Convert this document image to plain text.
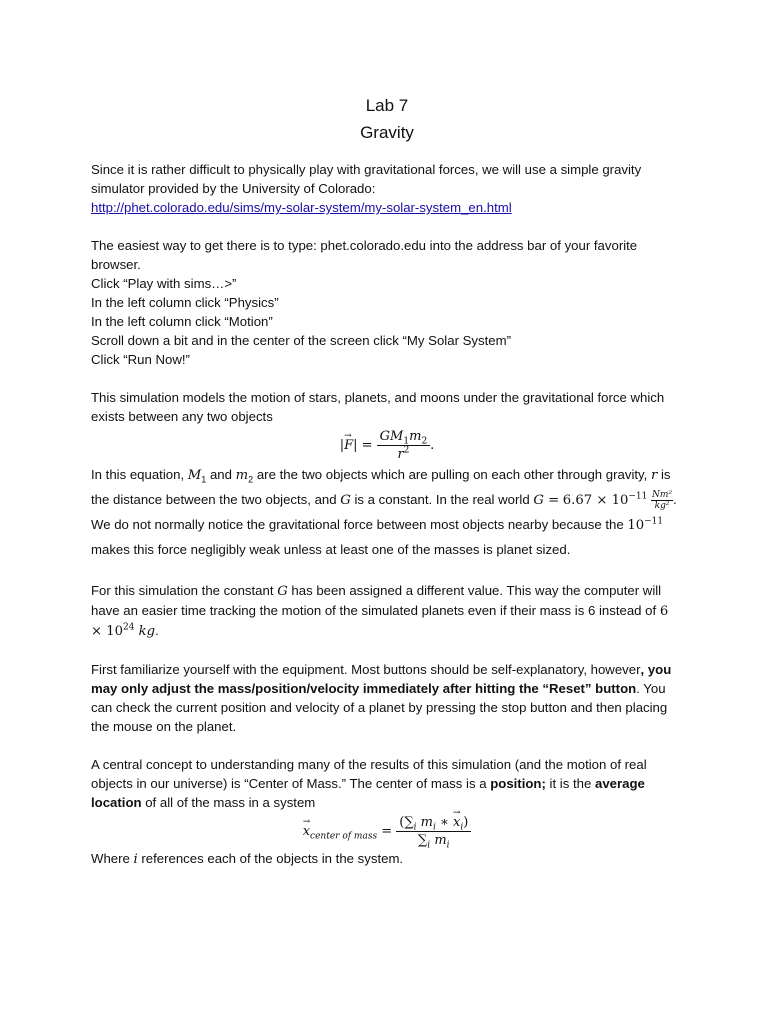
Lab 7
Gravity

Since it is rather difficult to physically play with gravitational forces, we will use a simple gravity simulator provided by the University of Colorado:
http://phet.colorado.edu/sims/my-solar-system/my-solar-system_en.html

The easiest way to get there is to type: phet.colorado.edu into the address bar of your favorite browser.

Click “Play with sims…>”
In the left column click “Physics”
In the left column click “Motion”
Scroll down a bit and in the center of the screen click “My Solar System”
Click “Run Now!”

This simulation models the motion of stars, planets, and moons under the gravitational force which exists between any two objects

|→ $F| = \frac{GM_1m_2}{r^2}$ .

In this equation, $M_1$ and $m_2$ are the two objects which are pulling on each other through gravity, r is the distance between the two objects, and G is a constant. In the real world $G = 6.67 \times 10^{-11} \frac{\text{Nm²}}{\text{kg²}}$ . We do not normally notice the gravitational force between most objects nearby because the $10^{-11}$ makes this force negligibly weak unless at least one of the masses is planet sized.

For this simulation the constant G has been assigned a different value. This way the computer will have an easier time tracking the motion of the simulated planets even if their mass is 6 instead of $6 \times 10^{24}$ kg.

First familiarize yourself with the equipment. Most buttons should be self-explanatory, however, you may only adjust the mass/position/velocity immediately after hitting the “Reset” button. You can check the current position and velocity of a planet by pressing the stop button and then placing the mouse on the planet.

A central concept to understanding many of the results of this simulation (and the motion of real objects in our universe) is “Center of Mass.” The center of mass is a position; it is the average location of all of the mass in a system

→ $x_{center of mass} = \frac{(\sum_i m_i ∗ \to x_i)}{\sum_i m_i}$

Where i references each of the objects in the system.
